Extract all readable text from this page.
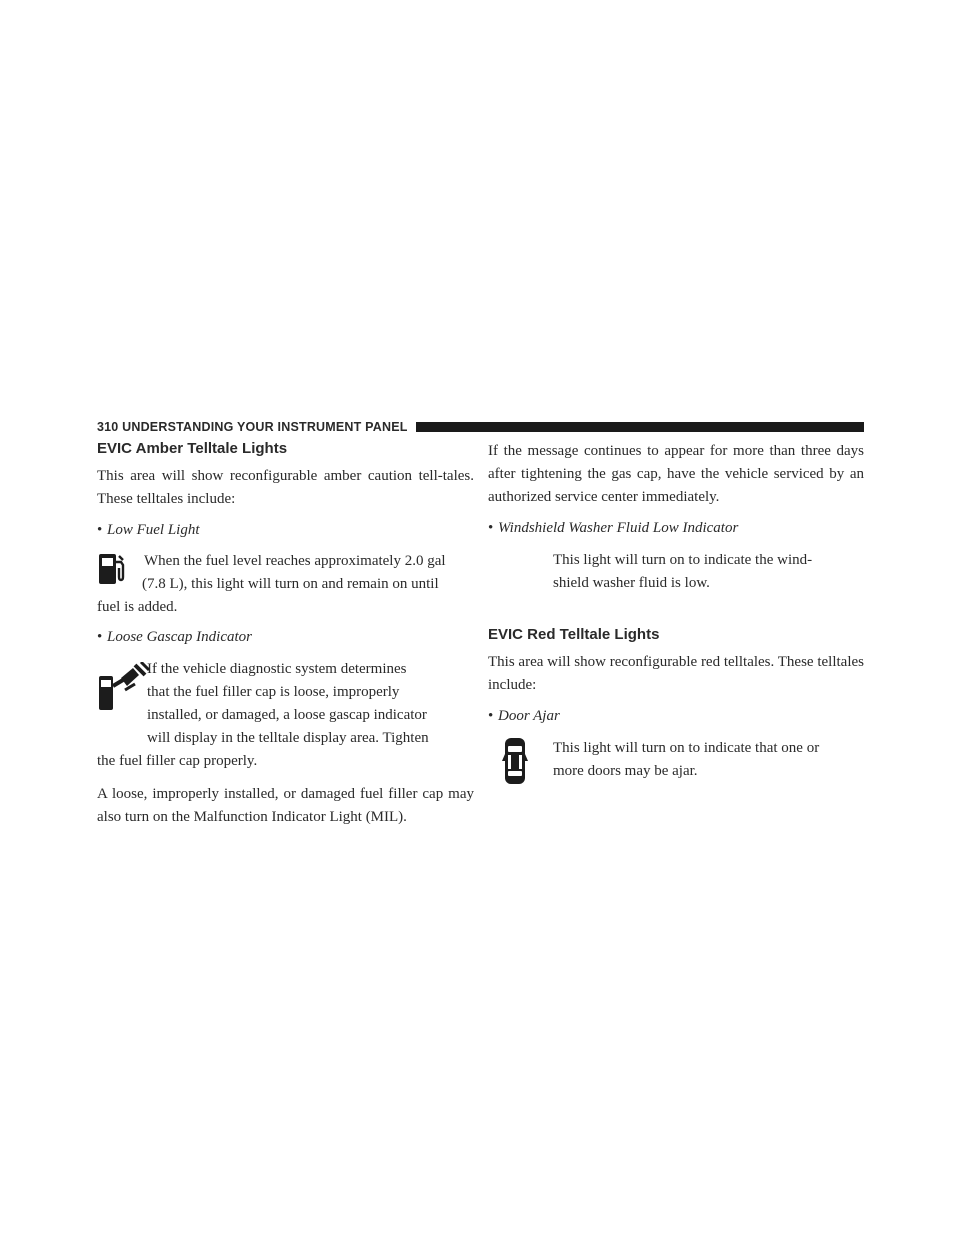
310 UNDERSTANDING YOUR INSTRUMENT PANEL
EVIC Amber Telltale Lights

This area will show reconfigurable amber caution tell-tales. These telltales include:

• Low Fuel Light

When the fuel level reaches approximately 2.0 gal

(7.8 L), this light will turn on and remain on until

fuel is added.

• Loose Gascap Indicator

If the vehicle diagnostic system determines

that the fuel filler cap is loose, improperly

installed, or damaged, a loose gascap indicator

will display in the telltale display area. Tighten

the fuel filler cap properly.

A loose, improperly installed, or damaged fuel filler cap may also turn on the Malfunction Indicator Light (MIL).

If the message continues to appear for more than three days after tightening the gas cap, have the vehicle serviced by an authorized service center immediately.

• Windshield Washer Fluid Low Indicator

This light will turn on to indicate the wind-

shield washer fluid is low.

EVIC Red Telltale Lights

This area will show reconfigurable red telltales. These telltales include:

• Door Ajar

This light will turn on to indicate that one or

more doors may be ajar.
